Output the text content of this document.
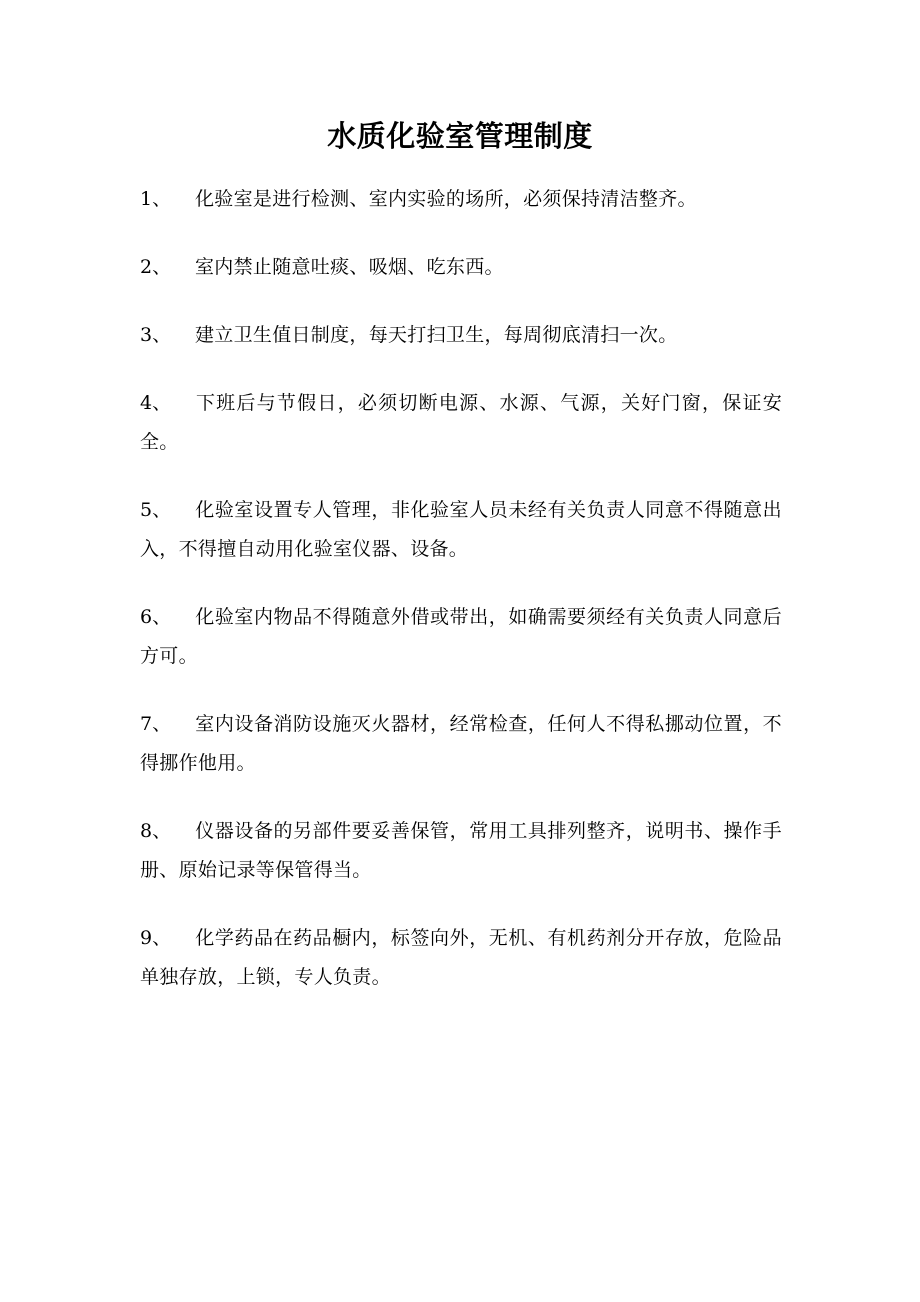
水质化验室管理制度
1、 化验室是进行检测、室内实验的场所，必须保持清洁整齐。
2、 室内禁止随意吐痰、吸烟、吃东西。
3、 建立卫生值日制度，每天打扫卫生，每周彻底清扫一次。
4、 下班后与节假日，必须切断电源、水源、气源，关好门窗，保证安全。
5、 化验室设置专人管理，非化验室人员未经有关负责人同意不得随意出入，不得擅自动用化验室仪器、设备。
6、 化验室内物品不得随意外借或带出，如确需要须经有关负责人同意后方可。
7、 室内设备消防设施灭火器材，经常检查，任何人不得私挪动位置，不得挪作他用。
8、 仪器设备的另部件要妥善保管，常用工具排列整齐，说明书、操作手册、原始记录等保管得当。
9、 化学药品在药品橱内，标签向外，无机、有机药剂分开存放，危险品单独存放，上锁，专人负责。
